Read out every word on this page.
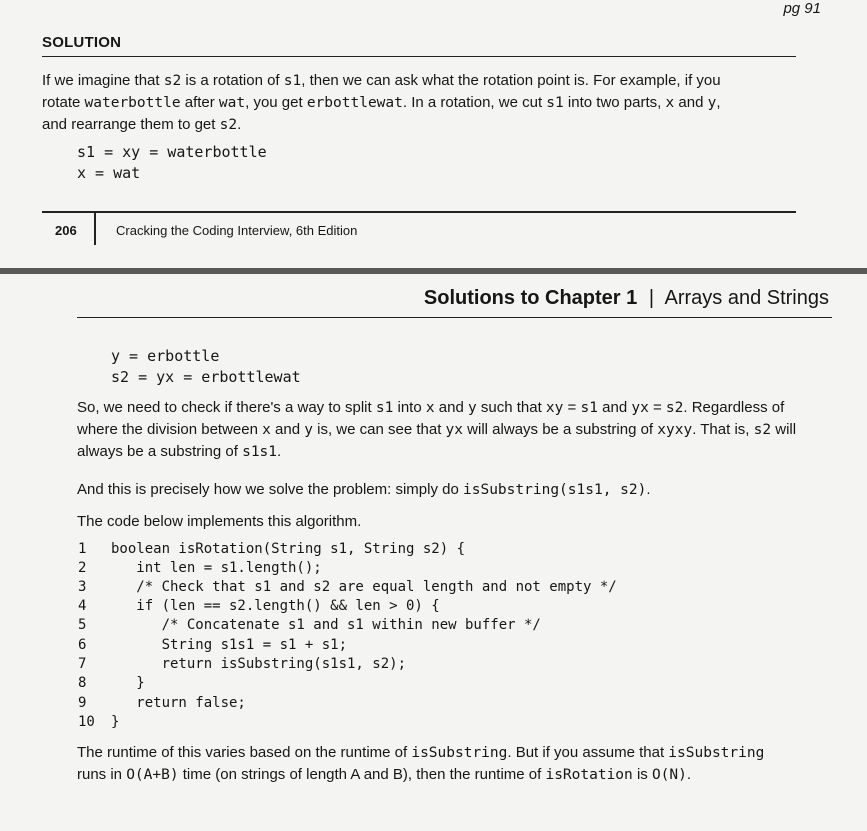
pg 91
SOLUTION
If we imagine that s2 is a rotation of s1, then we can ask what the rotation point is. For example, if you
rotate waterbottle after wat, you get erbottlewat. In a rotation, we cut s1 into two parts, x and y,
and rearrange them to get s2.
s1 = xy = waterbottle
x = wat
206	Cracking the Coding Interview, 6th Edition
Solutions to Chapter 1 | Arrays and Strings
y = erbottle
s2 = yx = erbottlewat
So, we need to check if there's a way to split s1 into x and y such that xy = s1 and yx = s2. Regardless of
where the division between x and y is, we can see that yx will always be a substring of xyxy. That is, s2 will
always be a substring of s1s1.
And this is precisely how we solve the problem: simply do isSubstring(s1s1, s2).
The code below implements this algorithm.
1 boolean isRotation(String s1, String s2) {
2 int len = s1.length();
3 /* Check that s1 and s2 are equal length and not empty */
4 if (len == s2.length() && len > 0) {
5 /* Concatenate s1 and s1 within new buffer */
6 String s1s1 = s1 + s1;
7 return isSubstring(s1s1, s2);
8 }
9 return false;
10 }
The runtime of this varies based on the runtime of isSubstring. But if you assume that isSubstring
runs in O(A+B) time (on strings of length A and B), then the runtime of isRotation is O(N).
